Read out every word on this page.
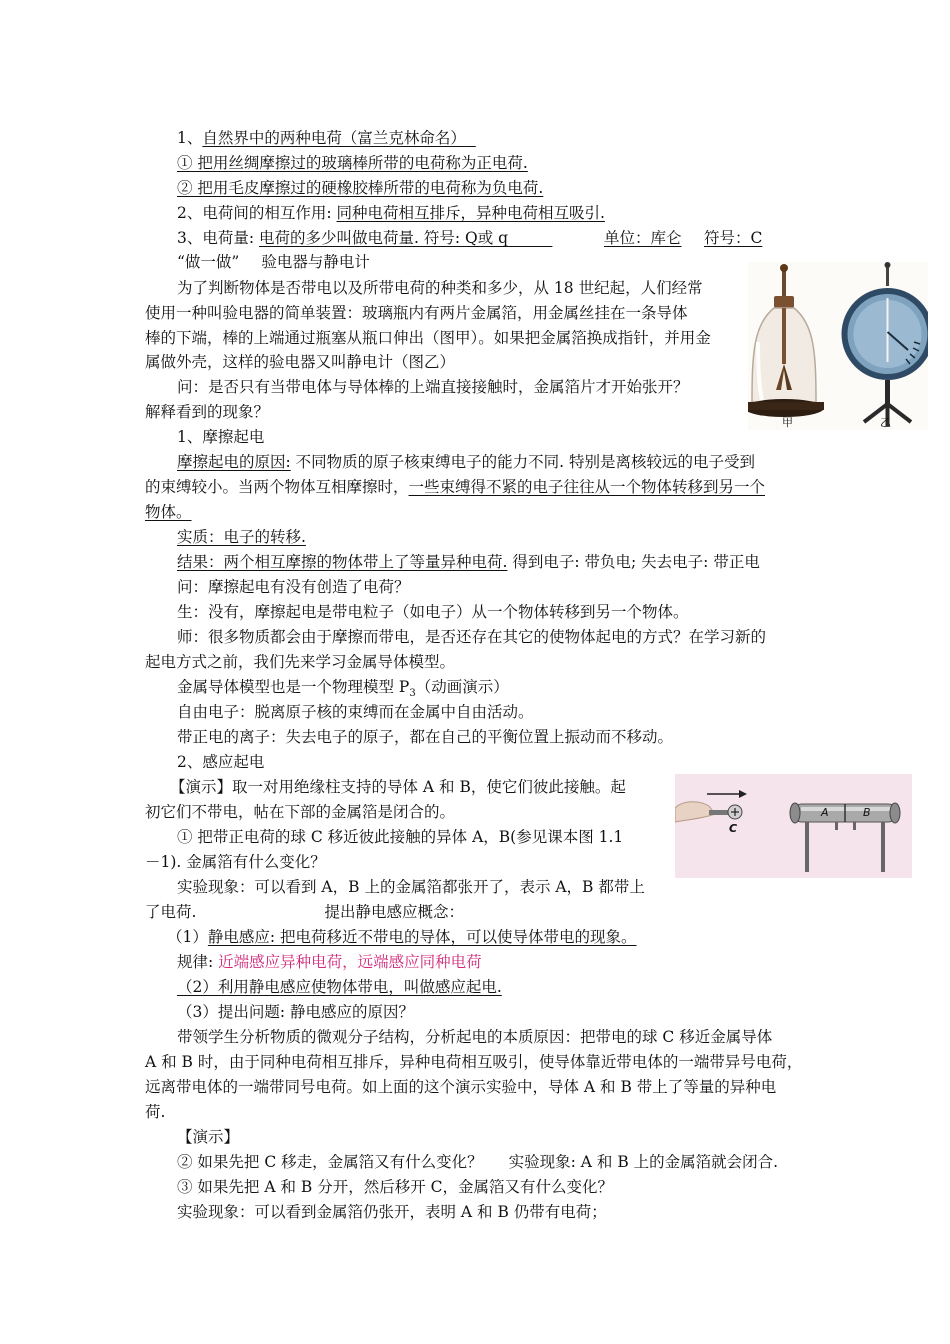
1、自然界中的两种电荷（富兰克林命名）
① 把用丝绸摩擦过的玻璃棒所带的电荷称为正电荷.
② 把用毛皮摩擦过的硬橡胶棒所带的电荷称为负电荷.
2、电荷间的相互作用: 同种电荷相互排斥，异种电荷相互吸引.
3、电荷量: 电荷的多少叫做电荷量. 符号: Q或 q	单位：库仑 符号：C
“做一做” 验电器与静电计
为了判断物体是否带电以及所带电荷的种类和多少，从 18 世纪起，人们经常
使用一种叫验电器的简单装置：玻璃瓶内有两片金属箔，用金属丝挂在一条导体
棒的下端，棒的上端通过瓶塞从瓶口伸出（图甲）。如果把金属箔换成指针，并用金
属做外壳，这样的验电器又叫静电计（图乙）
问：是否只有当带电体与导体棒的上端直接接触时，金属箔片才开始张开？
解释看到的现象？
甲	乙
1、摩擦起电
摩擦起电的原因: 不同物质的原子核束缚电子的能力不同. 特别是离核较远的电子受到
的束缚较小。当两个物体互相摩擦时，一些束缚得不紧的电子往往从一个物体转移到另一个
物体。
实质：电子的转移.
结果：两个相互摩擦的物体带上了等量异种电荷. 得到电子: 带负电; 失去电子: 带正电
问：摩擦起电有没有创造了电荷？
生：没有，摩擦起电是带电粒子（如电子）从一个物体转移到另一个物体。
师：很多物质都会由于摩擦而带电，是否还存在其它的使物体起电的方式？在学习新的
起电方式之前，我们先来学习金属导体模型。
金属导体模型也是一个物理模型 $P_3$（动画演示）
自由电子：脱离原子核的束缚而在金属中自由活动。
带正电的离子：失去电子的原子，都在自己的平衡位置上振动而不移动。
2、感应起电
【演示】取一对用绝缘柱支持的导体 A 和 B，使它们彼此接触。起
初它们不带电，帖在下部的金属箔是闭合的。
① 把带正电荷的球 C 移近彼此接触的异体 A，B(参见课本图 1.1
－1). 金属箔有什么变化？
实验现象：可以看到 A，B 上的金属箔都张开了，表示 A，B 都带上
了电荷.	提出静电感应概念：
（1）静电感应: 把电荷移近不带电的导体，可以使导体带电的现象。
规律: 近端感应异种电荷，远端感应同种电荷
（2）利用静电感应使物体带电，叫做感应起电.
（3）提出问题: 静电感应的原因？
带领学生分析物质的微观分子结构，分析起电的本质原因：把带电的球 C 移近金属导体
A 和 B 时，由于同种电荷相互排斥，异种电荷相互吸引，使导体靠近带电体的一端带异号电荷，
远离带电体的一端带同号电荷。如上面的这个演示实验中，导体 A 和 B 带上了等量的异种电
荷.
【演示】
② 如果先把 C 移走，金属箔又有什么变化？ 实验现象: A 和 B 上的金属箔就会闭合.
③ 如果先把 A 和 B 分开，然后移开 C，金属箔又有什么变化？
实验现象：可以看到金属箔仍张开，表明 A 和 B 仍带有电荷；
C
A	B
